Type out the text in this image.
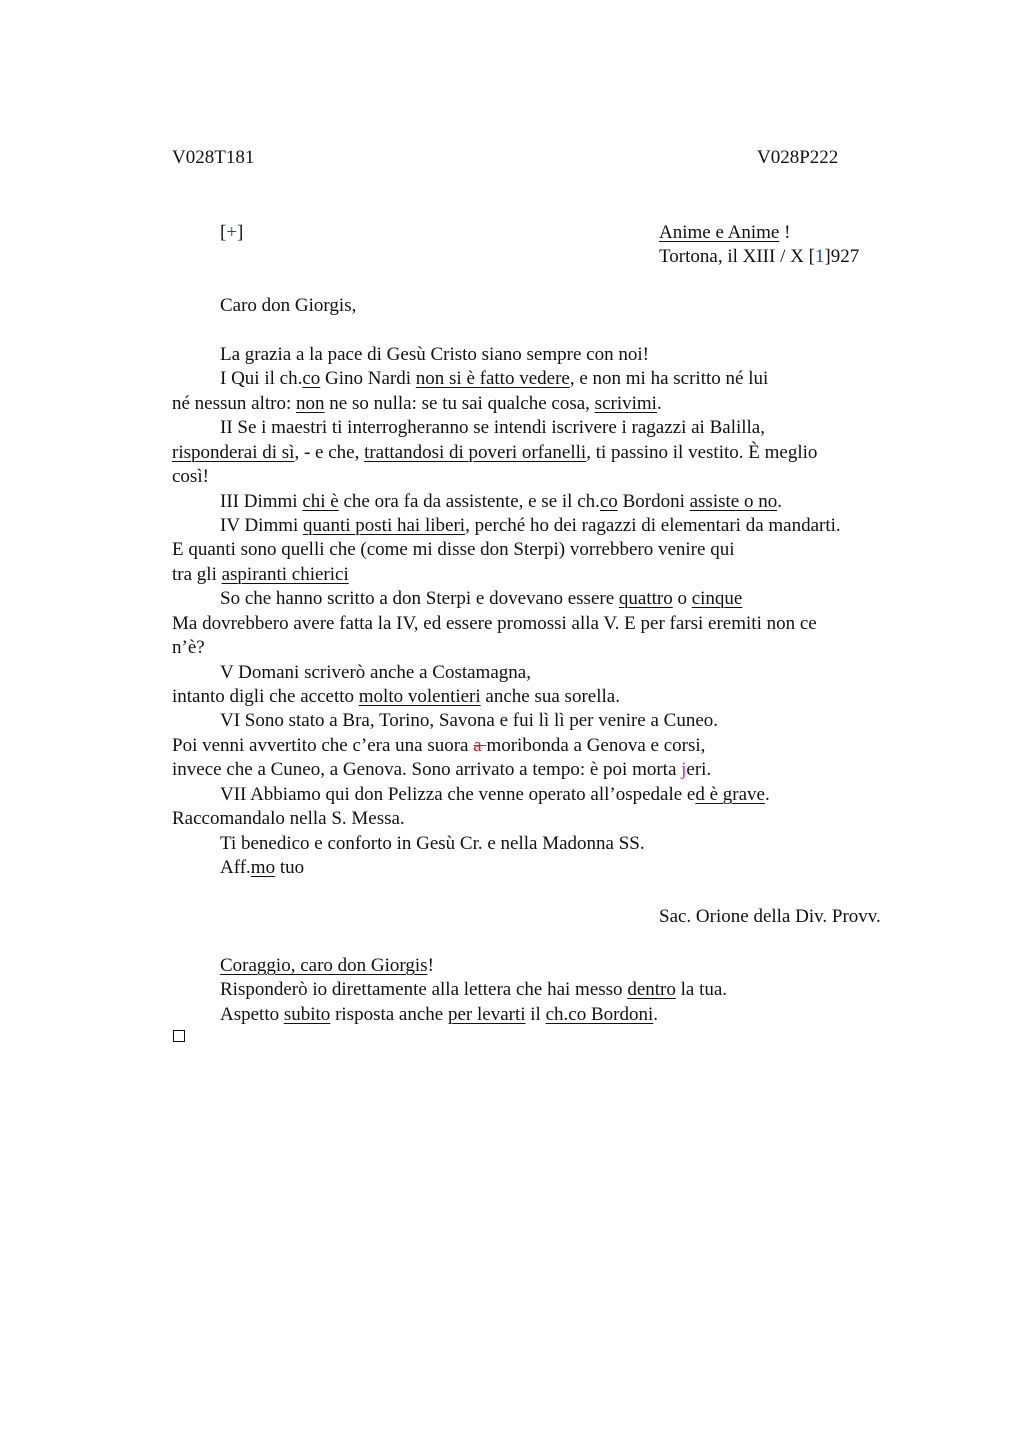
V028T181	V028P222
[+]	Anime e Anime !
Tortona, il XIII / X [1]927
Caro don Giorgis,
La grazia a la pace di Gesù Cristo siano sempre con noi!
I Qui il ch.co Gino Nardi non si è fatto vedere, e non mi ha scritto né lui
né nessun altro: non ne so nulla: se tu sai qualche cosa, scrivimi.
II Se i maestri ti interrogheranno se intendi iscrivere i ragazzi ai Balilla,
risponderai di sì, - e che, trattandosi di poveri orfanelli, ti passino il vestito. È meglio
così!
III Dimmi chi è che ora fa da assistente, e se il ch.co Bordoni assiste o no.
IV Dimmi quanti posti hai liberi, perché ho dei ragazzi di elementari da mandarti.
E quanti sono quelli che (come mi disse don Sterpi) vorrebbero venire qui
tra gli aspiranti chierici
So che hanno scritto a don Sterpi e dovevano essere quattro o cinque
Ma dovrebbero avere fatta la IV, ed essere promossi alla V. E per farsi eremiti non ce
n’è?
V Domani scriverò anche a Costamagna,
intanto digli che accetto molto volentieri anche sua sorella.
VI Sono stato a Bra, Torino, Savona e fui lì lì per venire a Cuneo.
Poi venni avvertito che c’era una suora a moribonda a Genova e corsi,
invece che a Cuneo, a Genova. Sono arrivato a tempo: è poi morta jeri.
VII Abbiamo qui don Pelizza che venne operato all’ospedale ed è grave.
Raccomandalo nella S. Messa.
Ti benedico e conforto in Gesù Cr. e nella Madonna SS.
Aff.mo tuo
Sac. Orione della Div. Provv.
Coraggio, caro don Giorgis!
Risponderò io direttamente alla lettera che hai messo dentro la tua.
Aspetto subito risposta anche per levarti il ch.co Bordoni.
